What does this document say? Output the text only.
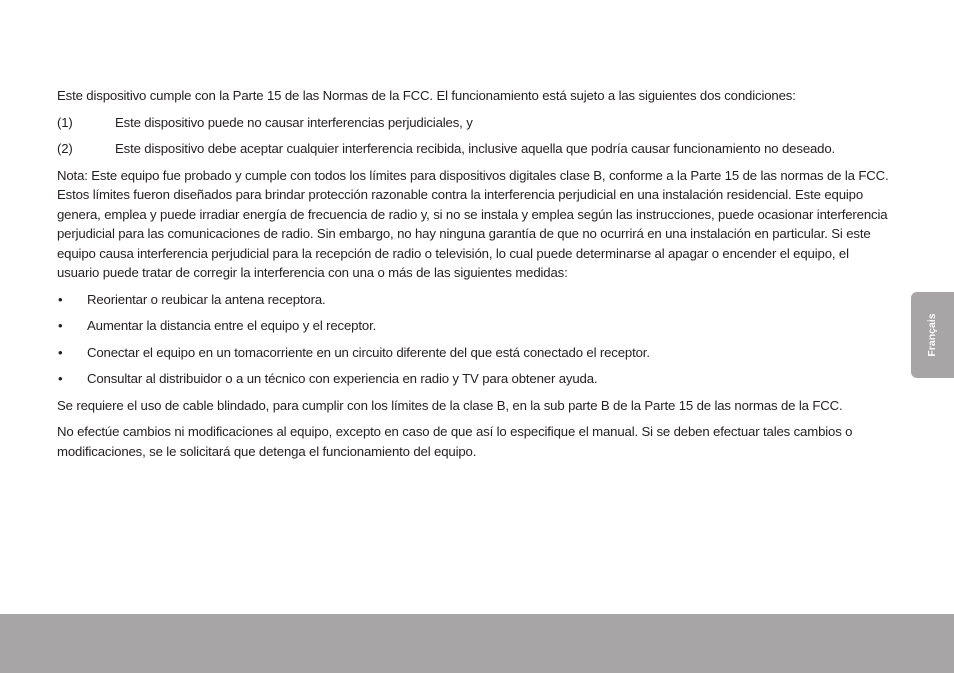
Este dispositivo cumple con la Parte 15 de las Normas de la FCC. El funcionamiento está sujeto a las siguientes dos condiciones:

(1)	Este dispositivo puede no causar interferencias perjudiciales, y
(2)	Este dispositivo debe aceptar cualquier interferencia recibida, inclusive aquella que podría causar funcionamiento no deseado.

Nota: Este equipo fue probado y cumple con todos los límites para dispositivos digitales clase B, conforme a la Parte 15 de las normas de la FCC. Estos límites fueron diseñados para brindar protección razonable contra la interferencia perjudicial en una instalación residencial. Este equipo genera, emplea y puede irradiar energía de frecuencia de radio y, si no se instala y emplea según las instrucciones, puede ocasionar interferencia perjudicial para las comunicaciones de radio. Sin embargo, no hay ninguna garantía de que no ocurrirá en una instalación en particular. Si este equipo causa interferencia perjudicial para la recepción de radio o televisión, lo cual puede determinarse al apagar o encender el equipo, el usuario puede tratar de corregir la interferencia con una o más de las siguientes medidas:

•	Reorientar o reubicar la antena receptora.
•	Aumentar la distancia entre el equipo y el receptor.
•	Conectar el equipo en un tomacorriente en un circuito diferente del que está conectado el receptor.
•	Consultar al distribuidor o a un técnico con experiencia en radio y TV para obtener ayuda.

Se requiere el uso de cable blindado, para cumplir con los límites de la clase B, en la sub parte B de la Parte 15 de las normas de la FCC.

No efectúe cambios ni modificaciones al equipo, excepto en caso de que así lo especifique el manual. Si se deben efectuar tales cambios o modificaciones, se le solicitará que detenga el funcionamiento del equipo.

Français
